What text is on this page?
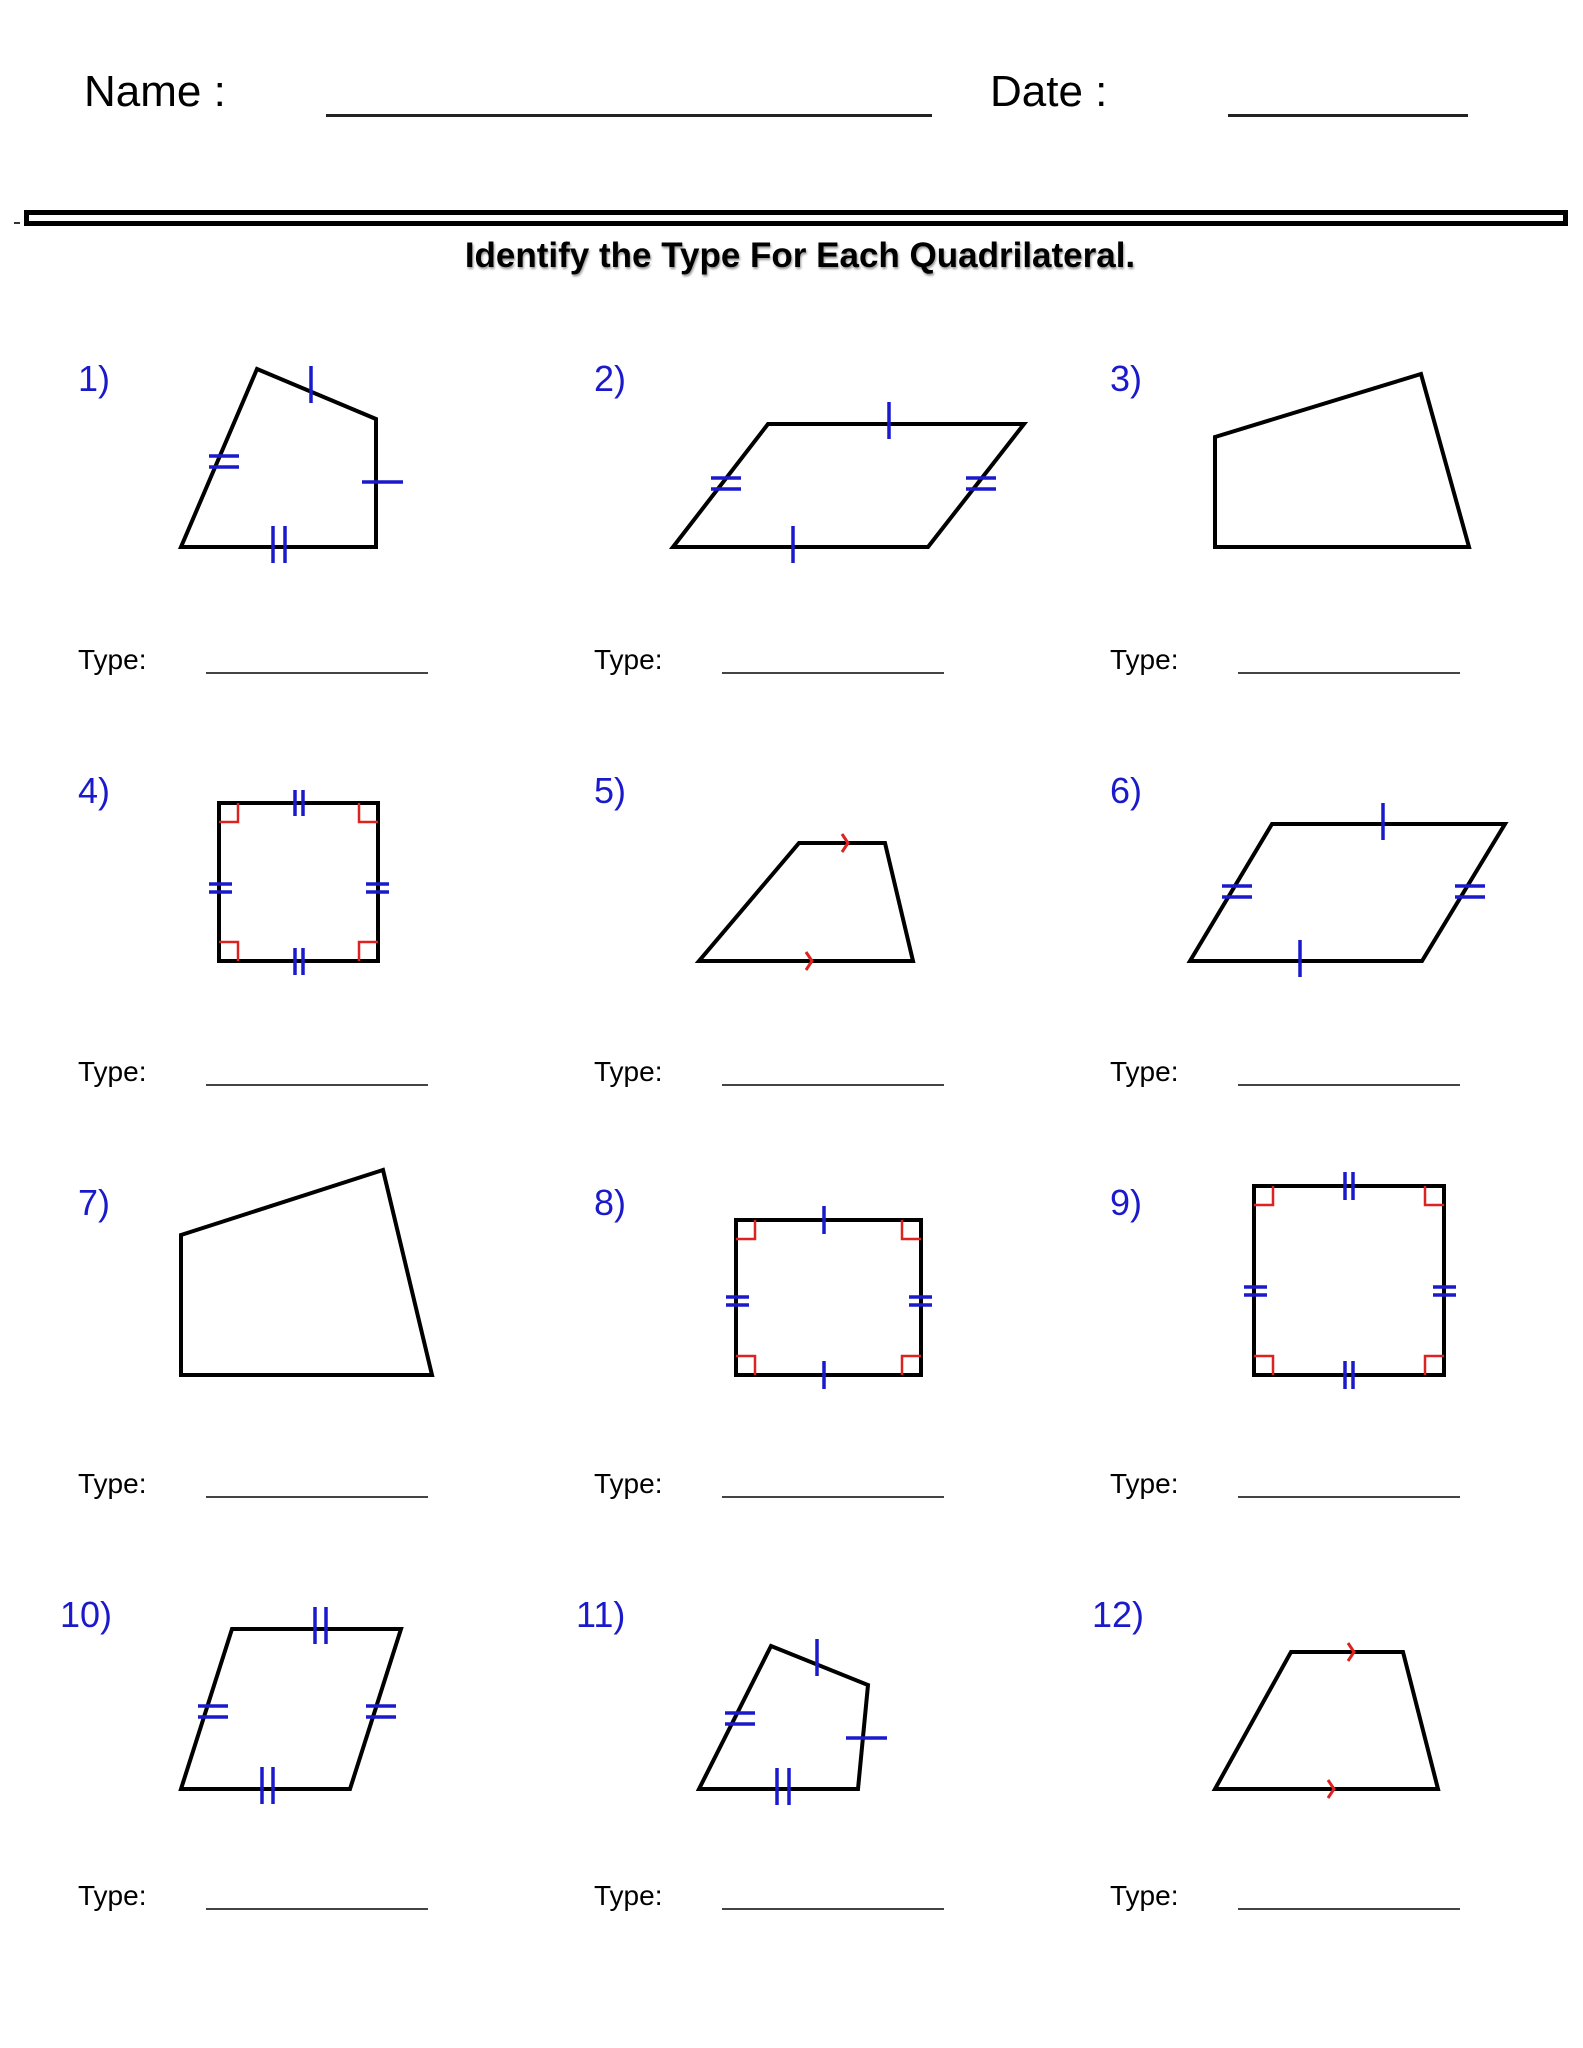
Name :	Date :
Identify the Type For Each Quadrilateral.
1)	2)	3)
4)	5)	6)
7)	8)	9)
10)	11)	12)
Type:	Type:	Type:
Type:	Type:	Type:
Type:	Type:	Type:
Type:	Type:	Type:
